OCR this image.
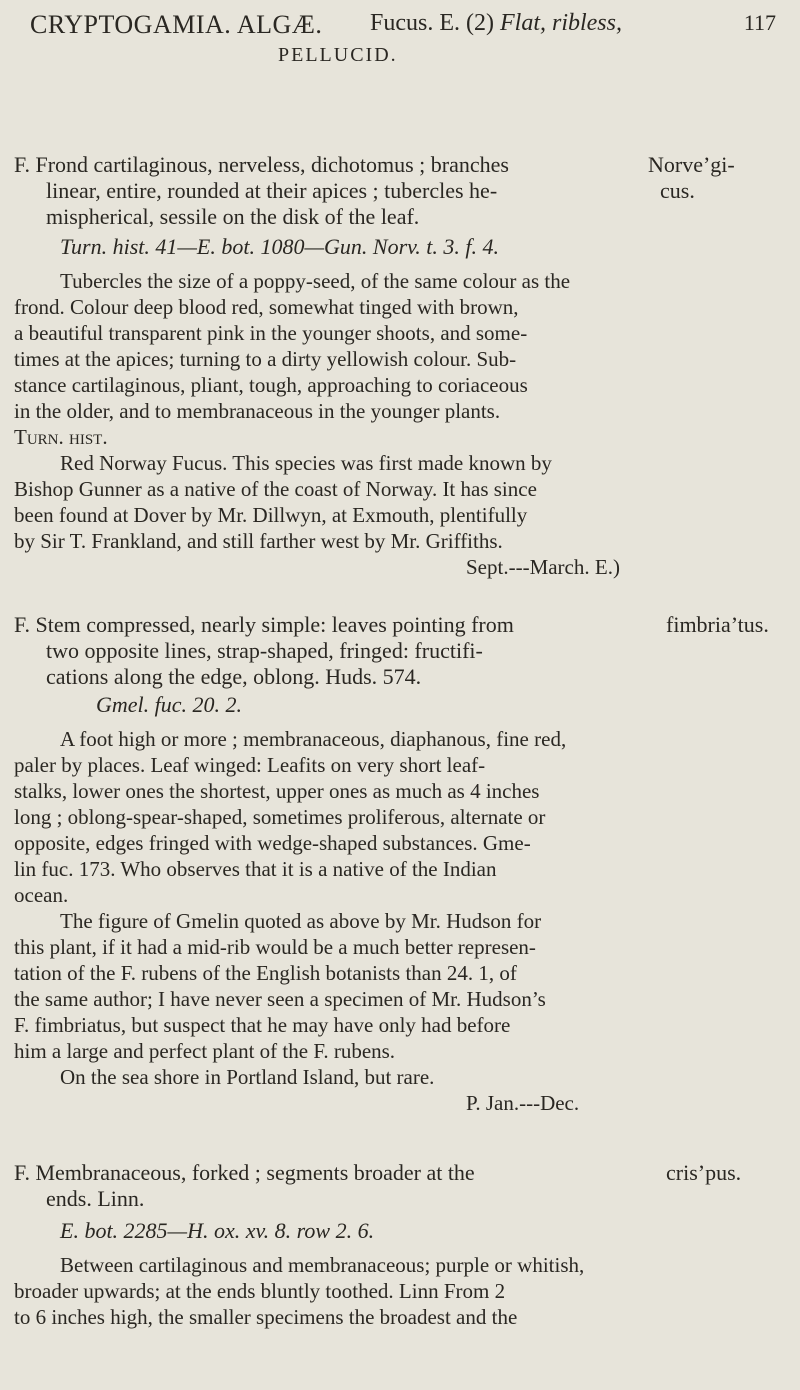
CRYPTOGAMIA. ALGÆ. Fucus. E. (2) Flat, ribless,	117
PELLUCID.
Norve’gi-
cus.
F. Frond cartilaginous, nerveless, dichotomus ; branches
linear, entire, rounded at their apices ; tubercles he-
mispherical, sessile on the disk of the leaf.
Turn. hist. 41—E. bot. 1080—Gun. Norv. t. 3. f. 4.
Tubercles the size of a poppy-seed, of the same colour as the
frond. Colour deep blood red, somewhat tinged with brown,
a beautiful transparent pink in the younger shoots, and some-
times at the apices; turning to a dirty yellowish colour. Sub-
stance cartilaginous, pliant, tough, approaching to coriaceous
in the older, and to membranaceous in the younger plants.
Turn. hist.
Red Norway Fucus. This species was first made known by
Bishop Gunner as a native of the coast of Norway. It has since
been found at Dover by Mr. Dillwyn, at Exmouth, plentifully
by Sir T. Frankland, and still farther west by Mr. Griffiths.
Sept.---March. E.)
fimbria’tus.
F. Stem compressed, nearly simple: leaves pointing from
two opposite lines, strap-shaped, fringed: fructifi-
cations along the edge, oblong. Huds. 574.
Gmel. fuc. 20. 2.
A foot high or more ; membranaceous, diaphanous, fine red,
paler by places. Leaf winged: Leafits on very short leaf-
stalks, lower ones the shortest, upper ones as much as 4 inches
long ; oblong-spear-shaped, sometimes proliferous, alternate or
opposite, edges fringed with wedge-shaped substances. Gme-
lin fuc. 173. Who observes that it is a native of the Indian
ocean.
The figure of Gmelin quoted as above by Mr. Hudson for
this plant, if it had a mid-rib would be a much better represen-
tation of the F. rubens of the English botanists than 24. 1, of
the same author; I have never seen a specimen of Mr. Hudson’s
F. fimbriatus, but suspect that he may have only had before
him a large and perfect plant of the F. rubens.
On the sea shore in Portland Island, but rare.
P. Jan.---Dec.
cris’pus.
F. Membranaceous, forked ; segments broader at the
ends. Linn.
E. bot. 2285—H. ox. xv. 8. row 2. 6.
Between cartilaginous and membranaceous; purple or whitish,
broader upwards; at the ends bluntly toothed. Linn From 2
to 6 inches high, the smaller specimens the broadest and the
